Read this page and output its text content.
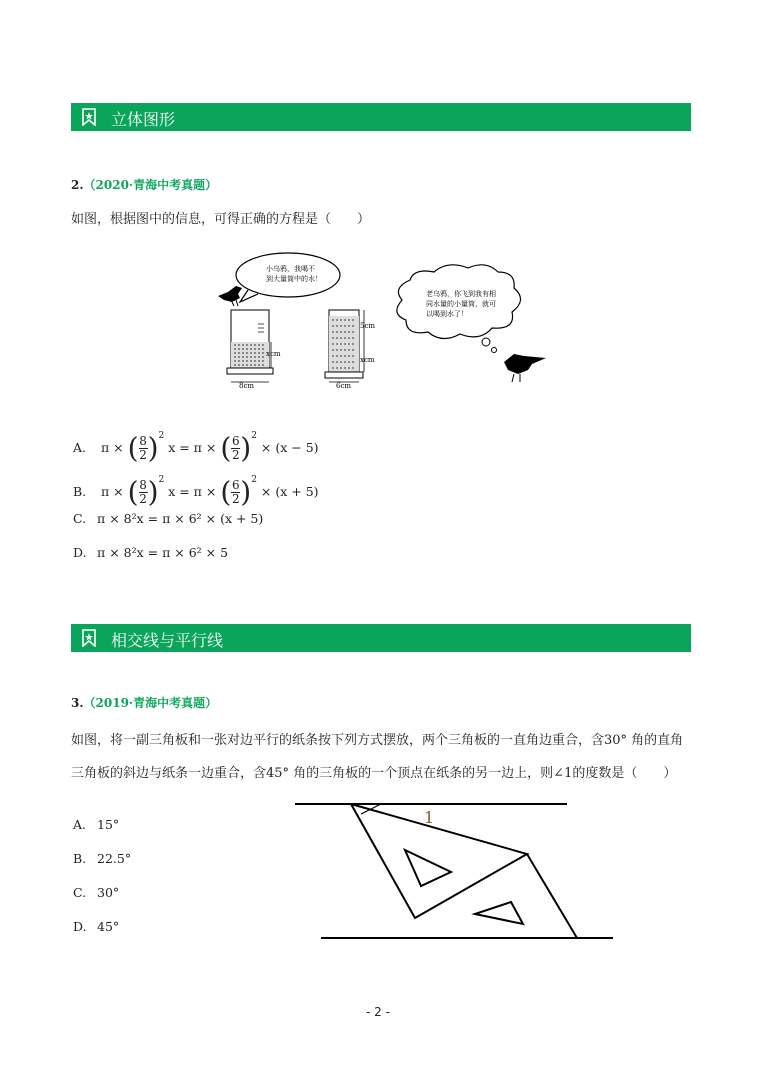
立体图形
2.（2020·青海中考真题）
如图，根据图中的信息，可得正确的方程是（　　）
小乌鸦，我喝不到大量筒中的水！
xcm
8cm
5cm
xcm
6cm
老乌鸦，你飞到我有相同水量的小量筒，就可以喝到水了！
A. π × ( $\frac{8}{2} )^2$ x = π × ( $\frac{6}{2} )^2 \times (x - 5)$
B. π × ( $\frac{8}{2} )^2$ x = π × ( $\frac{6}{2} )^2 \times (x + 5)$
C. π × 8²x = π × 6² × (x + 5)
D. π × 8²x = π × 6² × 5
相交线与平行线
3.（2019·青海中考真题）
如图，将一副三角板和一张对边平行的纸条按下列方式摆放，两个三角板的一直角边重合，含30° 角的直角
三角板的斜边与纸条一边重合，含45° 角的三角板的一个顶点在纸条的另一边上，则∠1的度数是（　　）
A. 15°
B. 22.5°
C. 30°
D. 45°
1
- 2 -
